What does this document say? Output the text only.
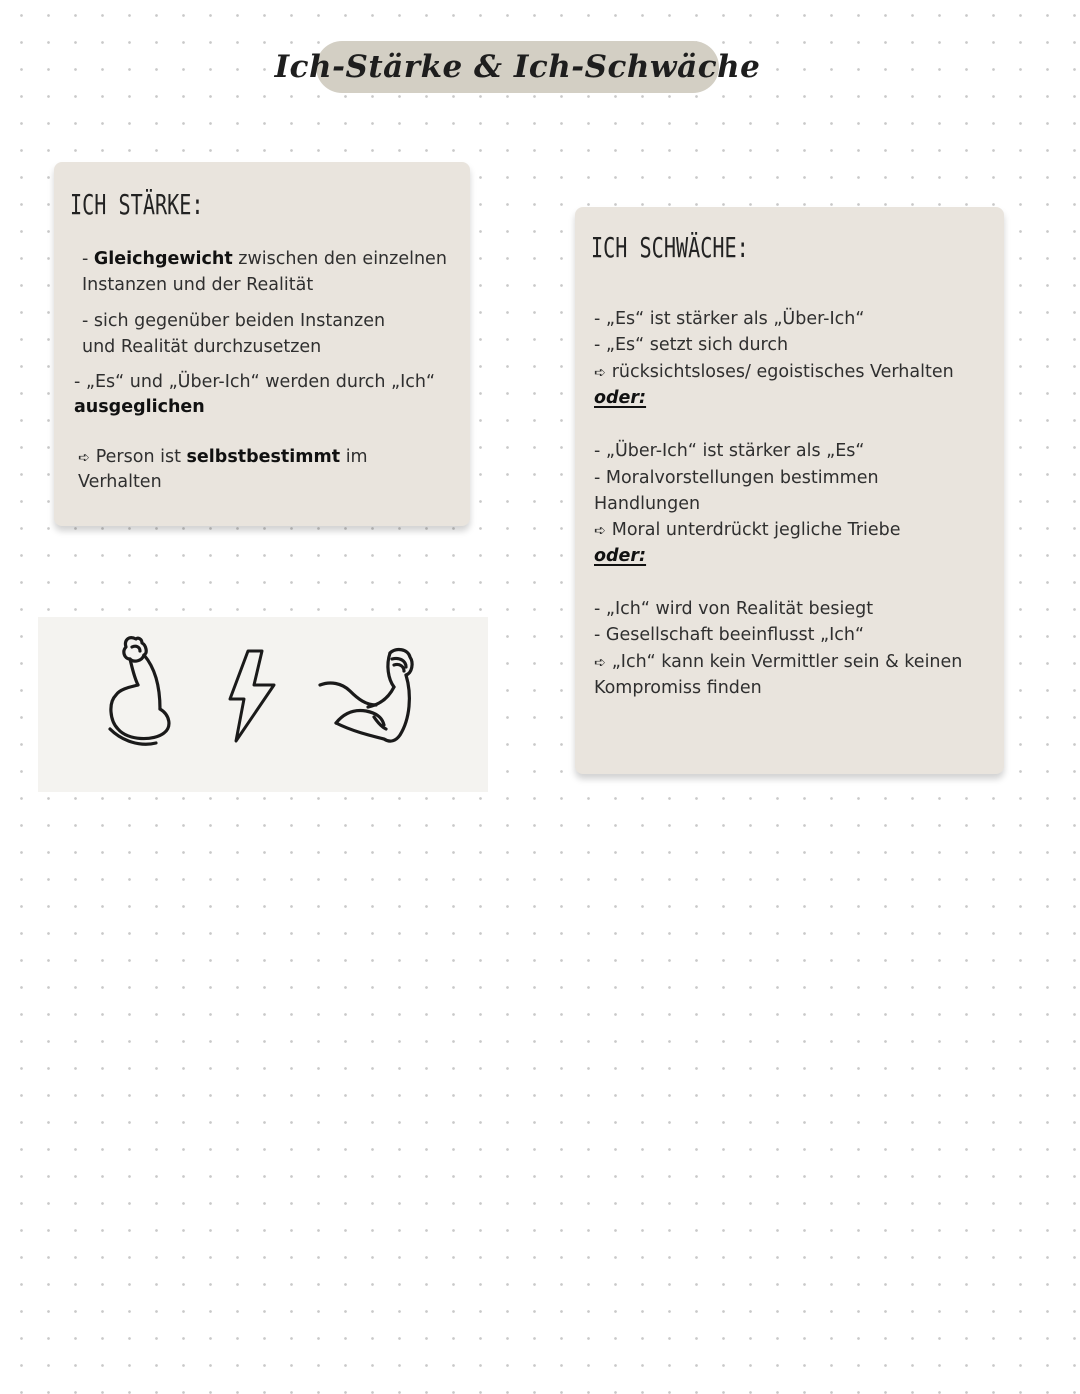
Ich-Stärke & Ich-Schwäche
ICH STÄRKE:
- Gleichgewicht zwischen den einzelnen
Instanzen und der Realität
- sich gegenüber beiden Instanzen
und Realität durchzusetzen
- „Es“ und „Über-Ich“ werden durch „Ich“
ausgeglichen
➪ Person ist selbstbestimmt im
Verhalten
ICH SCHWÄCHE:
- „Es“ ist stärker als „Über-Ich“
- „Es“ setzt sich durch
➪ rücksichtsloses/ egoistisches Verhalten
oder:
- „Über-Ich“ ist stärker als „Es“
- Moralvorstellungen bestimmen
Handlungen
➪ Moral unterdrückt jegliche Triebe
oder:
- „Ich“ wird von Realität besiegt
- Gesellschaft beeinflusst „Ich“
➪ „Ich“ kann kein Vermittler sein & keinen
Kompromiss finden
